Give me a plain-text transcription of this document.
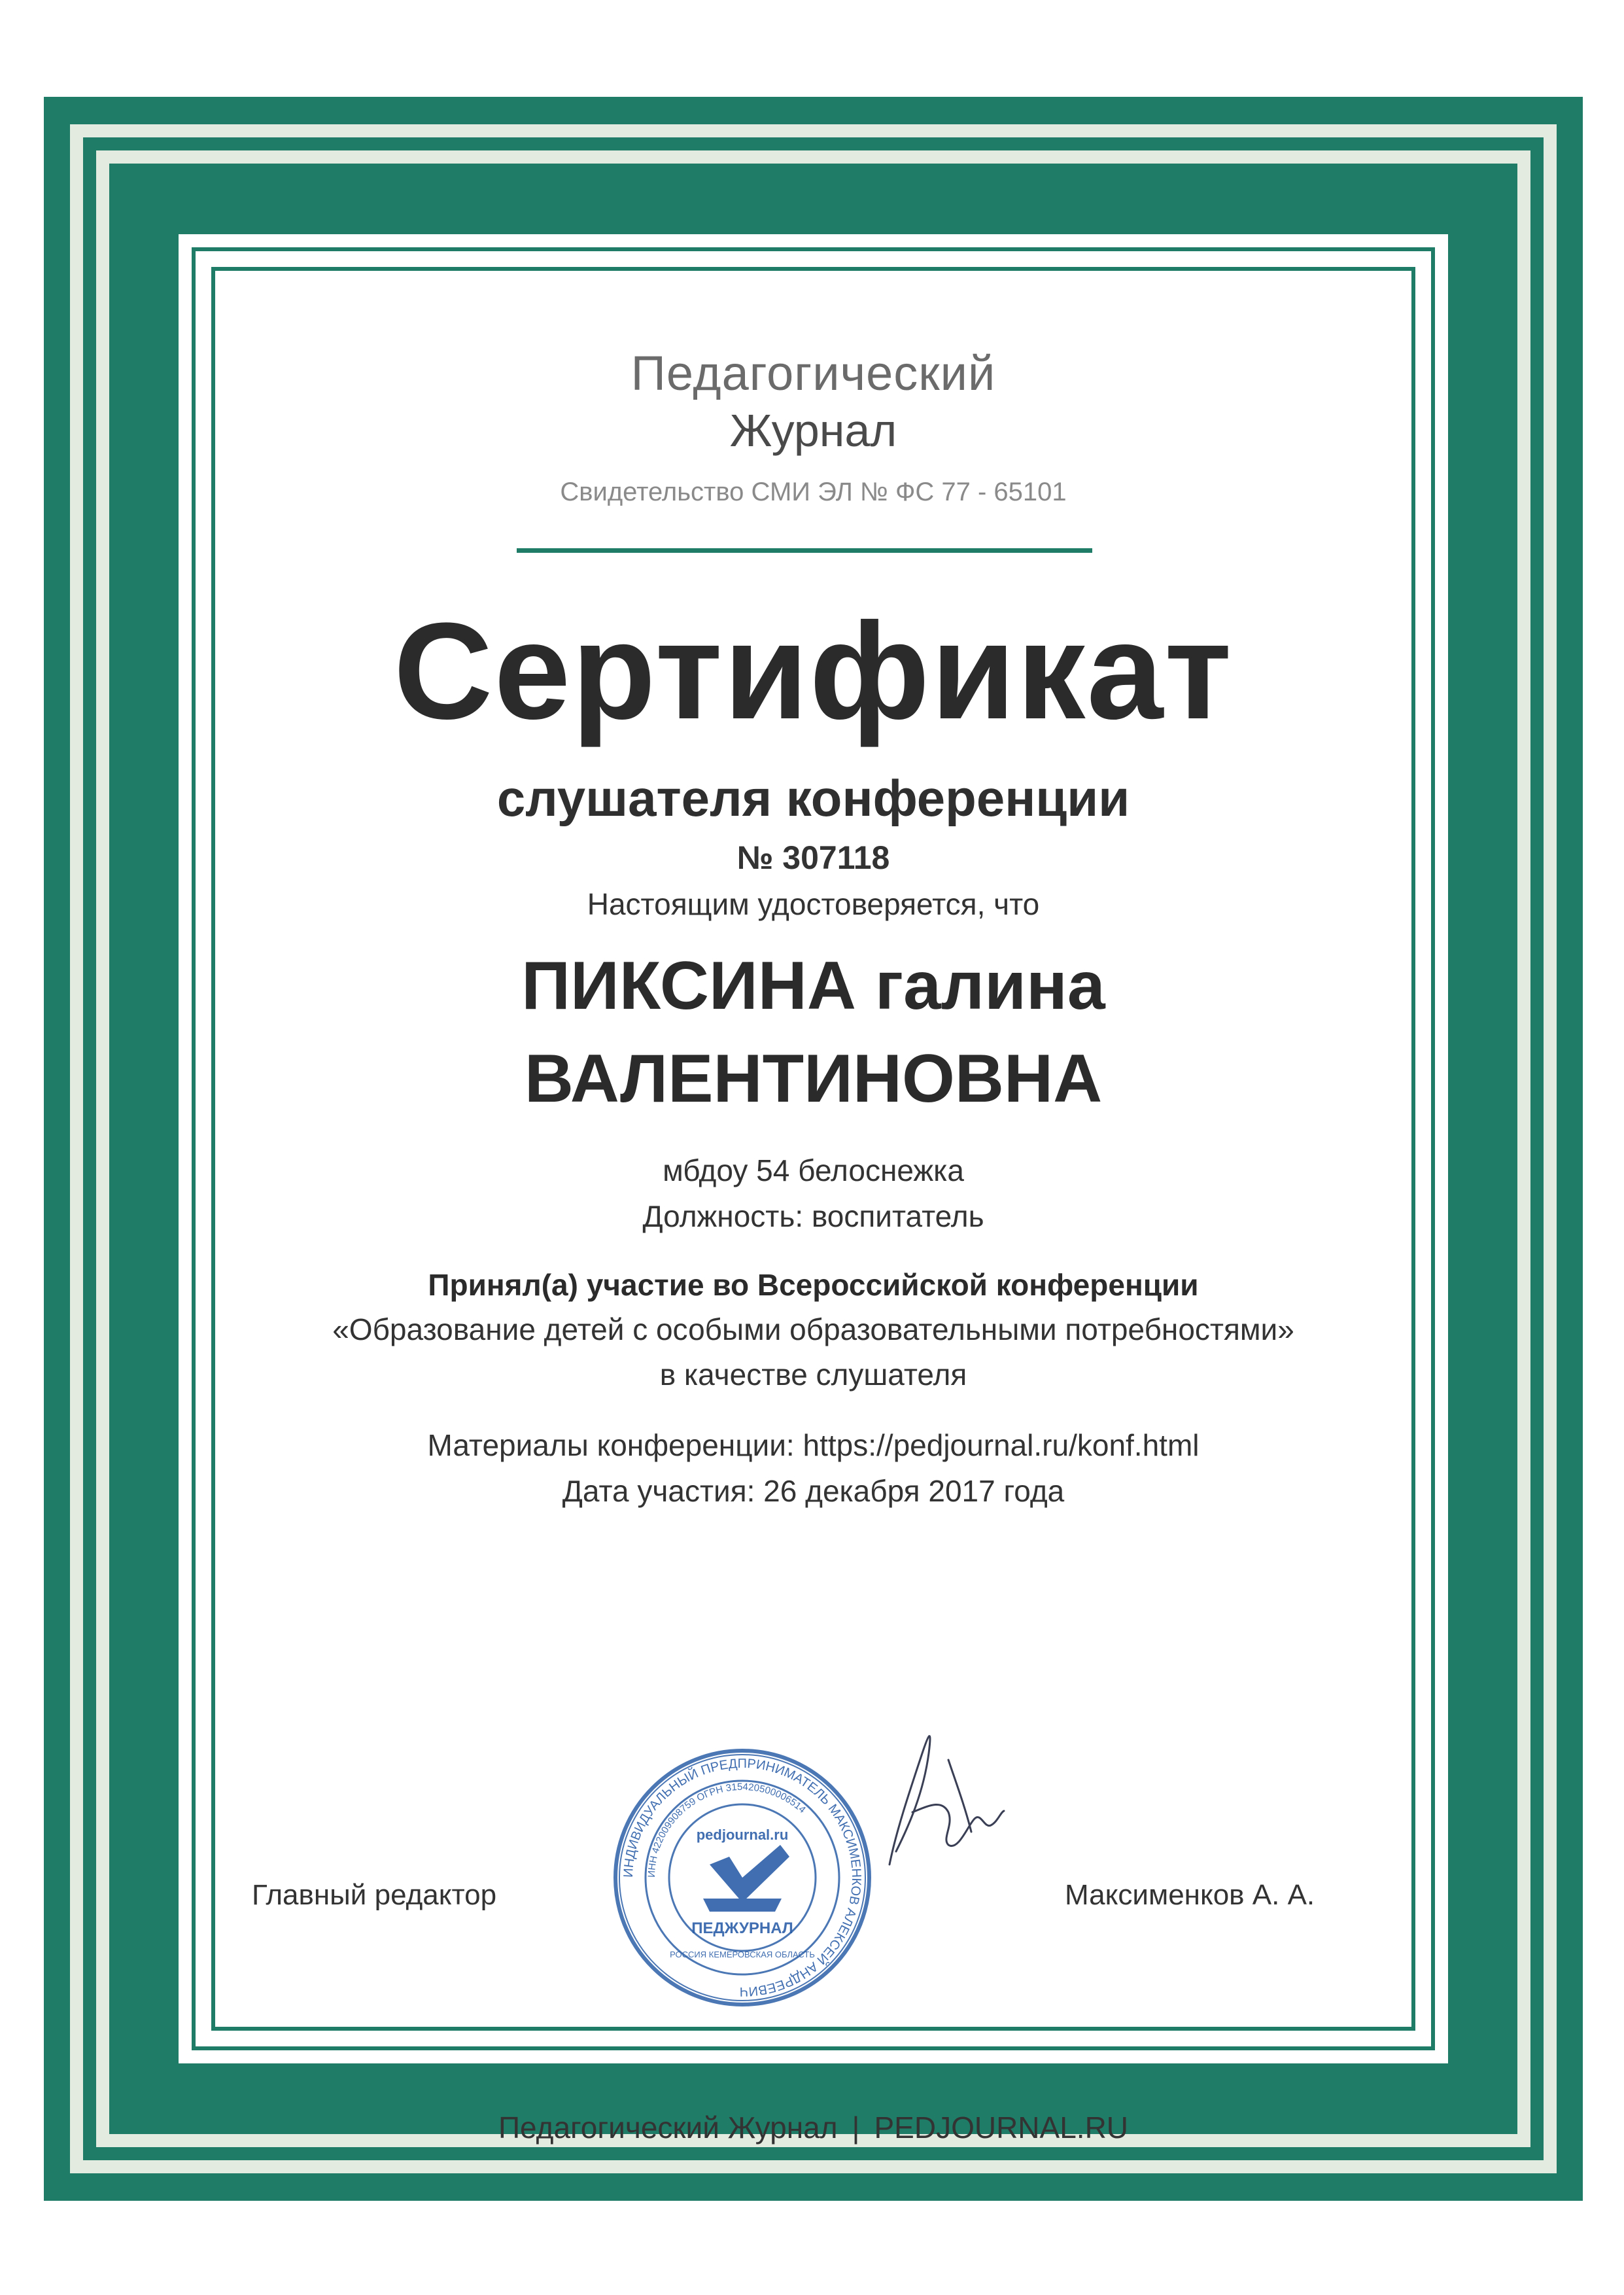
Педагогический
Журнал
Свидетельство СМИ ЭЛ № ФС 77 - 65101
Сертификат
слушателя конференции
№ 307118
Настоящим удостоверяется, что
ПИКСИНА галина
ВАЛЕНТИНОВНА
мбдоу 54 белоснежка
Должность: воспитатель
Принял(а) участие во Всероссийской конференции
«Образование детей с особыми образовательными потребностями»
в качестве слушателя
Материалы конференции: https://pedjournal.ru/konf.html
Дата участия: 26 декабря 2017 года
Главный редактор	Максименков А. А.
ИНДИВИДУАЛЬНЫЙ ПРЕДПРИНИМАТЕЛЬ МАКСИМЕНКОВ АЛЕКСЕЙ АНДРЕЕВИЧ
ИНН 422009908759 ОГРН 315420500006514
pedjournal.ru
ПЕДЖУРНАЛ
РОССИЯ КЕМЕРОВСКАЯ ОБЛАСТЬ
Педагогический Журнал | PEDJOURNAL.RU
